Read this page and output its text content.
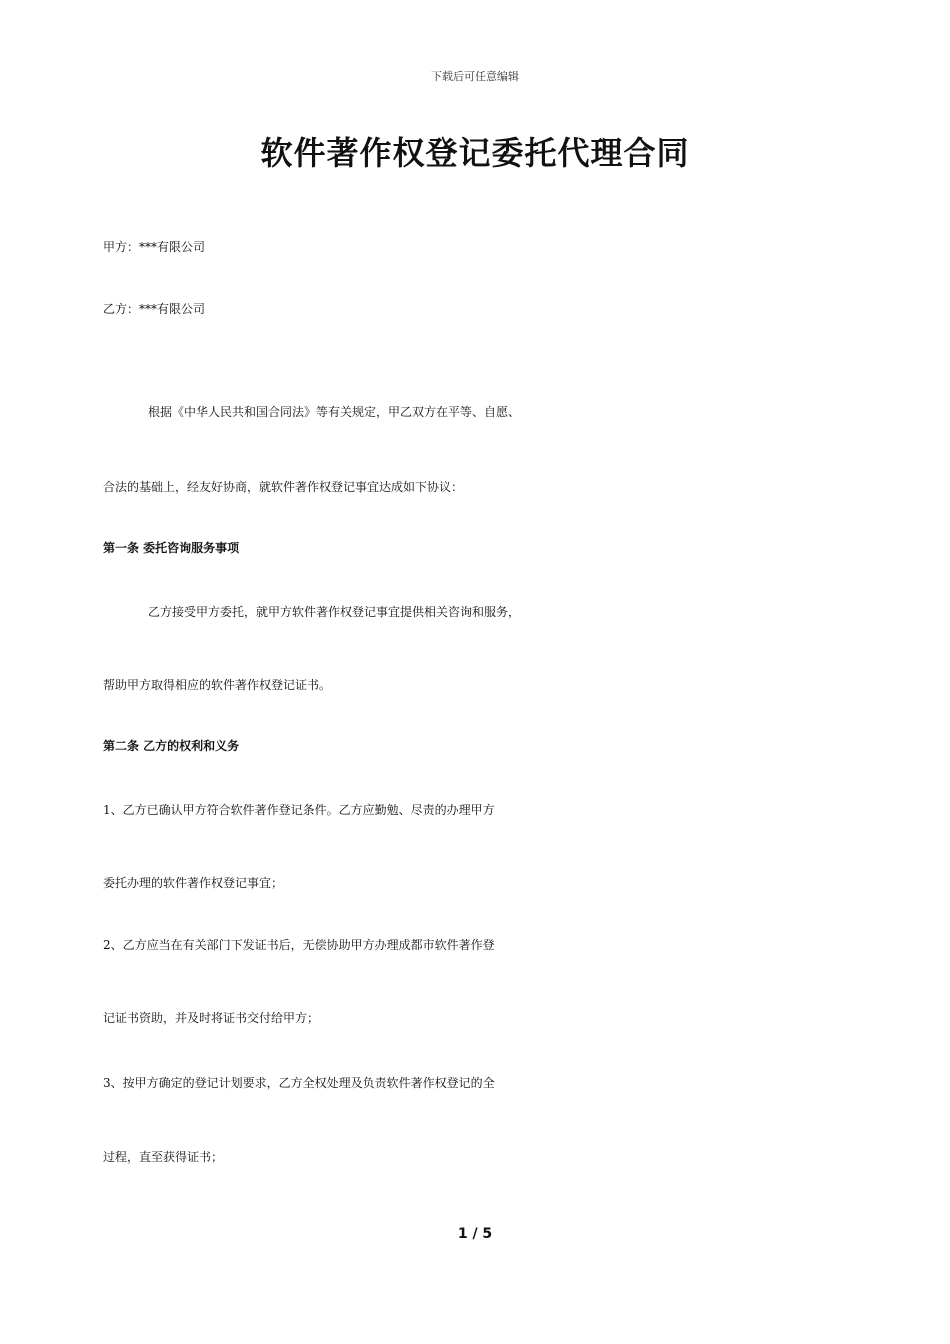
下载后可任意编辑
软件著作权登记委托代理合同
甲方：***有限公司
乙方：***有限公司
根据《中华人民共和国合同法》等有关规定，甲乙双方在平等、自愿、
合法的基础上，经友好协商，就软件著作权登记事宜达成如下协议：
第一条 委托咨询服务事项
乙方接受甲方委托，就甲方软件著作权登记事宜提供相关咨询和服务，
帮助甲方取得相应的软件著作权登记证书。
第二条 乙方的权利和义务
1、乙方已确认甲方符合软件著作登记条件。乙方应勤勉、尽责的办理甲方
委托办理的软件著作权登记事宜；
2、乙方应当在有关部门下发证书后，无偿协助甲方办理成都市软件著作登
记证书资助，并及时将证书交付给甲方；
3、按甲方确定的登记计划要求，乙方全权处理及负责软件著作权登记的全
过程，直至获得证书；
1 / 5
